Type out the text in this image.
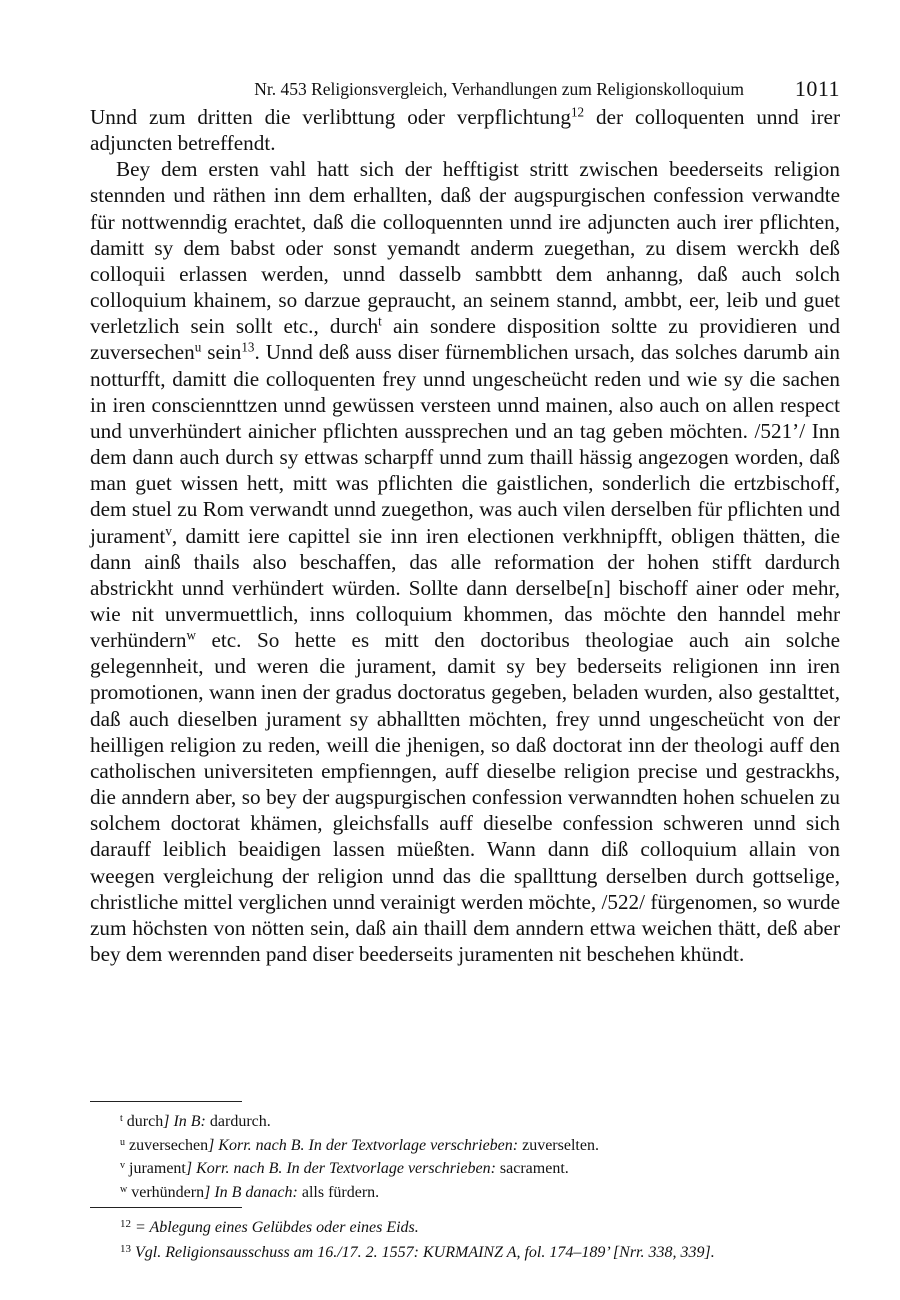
Nr. 453 Religionsvergleich, Verhandlungen zum Religionskolloquium 1011

Unnd zum dritten die verlibttung oder verpflichtung$^{12}$ der colloquenten unnd irer adjuncten betreffendt.

Bey dem ersten vahl hatt sich der hefftigist stritt zwischen beederseits religion stennden und räthen inn dem erhallten, daß der augspurgischen confession verwandte für nottwenndig erachtet, daß die colloquennten unnd ire adjuncten auch irer pflichten, damitt sy dem babst oder sonst yemandt anderm zuegethan, zu disem werckh deß colloquii erlassen werden, unnd dasselb sambbtt dem anhanng, daß auch solch colloquium khainem, so darzue gepraucht, an seinem stannd, ambbt, eer, leib und guet verletzlich sein sollt etc., durch$^t$ ain sondere disposition soltte zu providieren und zuversechen$^u$ sein$^{13}$. Unnd deß auss diser fürnemblichen ursach, das solches darumb ain notturfft, damitt die colloquenten frey unnd ungescheücht reden und wie sy die sachen in iren consciennttzen unnd gewüssen versteen unnd mainen, also auch on allen respect und unverhündert ainicher pflichten aussprechen und an tag geben möchten. /521’/ Inn dem dann auch durch sy ettwas scharpff unnd zum thaill hässig angezogen worden, daß man guet wissen hett, mitt was pflichten die gaistlichen, sonderlich die ertzbischoff, dem stuel zu Rom verwandt unnd zuegethon, was auch vilen derselben für pflichten und jurament$^v$, damitt iere capittel sie inn iren electionen verkhnipfft, obligen thätten, die dann ainß thails also beschaffen, das alle reformation der hohen stifft dardurch abstrickht unnd verhündert würden. Sollte dann derselbe[n] bischoff ainer oder mehr, wie nit unvermuettlich, inns colloquium khommen, das möchte den hanndel mehr verhündern$^w$ etc. So hette es mitt den doctoribus theologiae auch ain solche gelegennheit, und weren die jurament, damit sy bey bederseits religionen inn iren promotionen, wann inen der gradus doctoratus gegeben, beladen wurden, also gestalttet, daß auch dieselben jurament sy abhalltten möchten, frey unnd ungescheücht von der heilligen religion zu reden, weill die jhenigen, so daß doctorat inn der theologi auff den catholischen universiteten empfienngen, auff dieselbe religion precise und gestrackhs, die anndern aber, so bey der augspurgischen confession verwanndten hohen schuelen zu solchem doctorat khämen, gleichsfalls auff dieselbe confession schweren unnd sich darauff leiblich beaidigen lassen müeßten. Wann dann diß colloquium allain von weegen vergleichung der religion unnd das die spallttung derselben durch gottselige, christliche mittel verglichen unnd verainigt werden möchte, /522/ fürgenomen, so wurde zum höchsten von nötten sein, daß ain thaill dem anndern ettwa weichen thätt, deß aber bey dem werennden pand diser beederseits juramenten nit beschehen khündt.

t durch] In B: dardurch.
u zuversechen] Korr. nach B. In der Textvorlage verschrieben: zuverselten.
v jurament] Korr. nach B. In der Textvorlage verschrieben: sacrament.
w verhündern] In B danach: alls fürdern.
12 = Ablegung eines Gelübdes oder eines Eids.
13 Vgl. Religionsausschuss am 16./17. 2. 1557: KURMAINZ A, fol. 174–189’ [Nrr. 338, 339].
